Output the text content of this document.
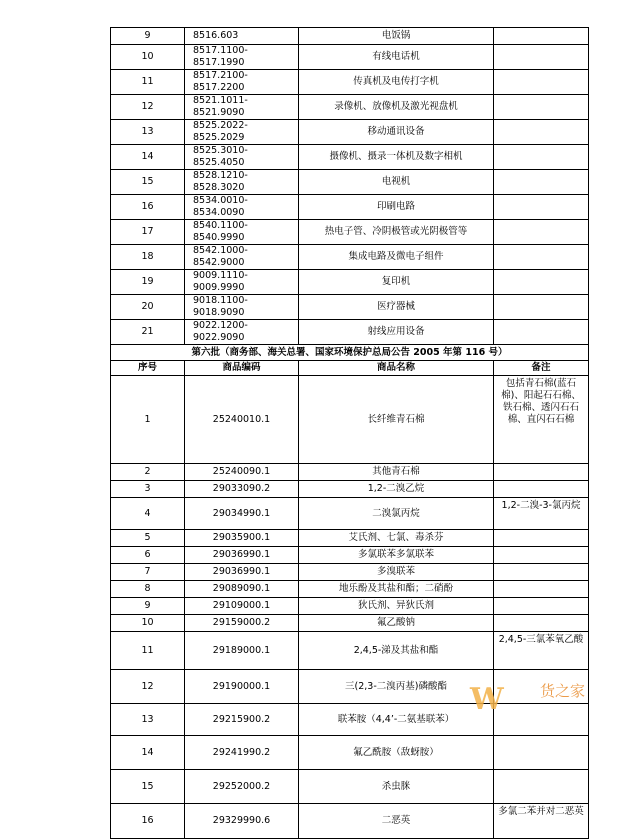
9	8516.603	电饭锅	
10	8517.1100-8517.1990	有线电话机	
11	8517.2100-8517.2200	传真机及电传打字机	
12	8521.1011-8521.9090	录像机、放像机及激光视盘机	
13	8525.2022-8525.2029	移动通讯设备	
14	8525.3010-8525.4050	摄像机、摄录一体机及数字相机	
15	8528.1210-8528.3020	电视机	
16	8534.0010-8534.0090	印刷电路	
17	8540.1100-8540.9990	热电子管、冷阴极管或光阴极管等	
18	8542.1000-8542.9000	集成电路及微电子组件	
19	9009.1110-9009.9990	复印机	
20	9018.1100-9018.9090	医疗器械	
21	9022.1200-9022.9090	射线应用设备	
第六批（商务部、海关总署、国家环境保护总局公告 2005 年第 116 号）			
序号	商品编码	商品名称	备注
1	25240010.1	长纤维青石棉	包括青石棉(蓝石棉)、阳起石石棉、铁石棉、透闪石石棉、直闪石石棉
2	25240090.1	其他青石棉	
3	29033090.2	1,2-二溴乙烷	
4	29034990.1	二溴氯丙烷	1,2-二溴-3-氯丙烷
5	29035900.1	艾氏剂、七氯、毒杀芬	
6	29036990.1	多氯联苯多氯联苯	
7	29036990.1	多溴联苯	
8	29089090.1	地乐酚及其盐和酯；二硝酚	
9	29109000.1	狄氏剂、异狄氏剂	
10	29159000.2	氟乙酸钠	
11	29189000.1	2,4,5-涕及其盐和酯	2,4,5-三氯苯氧乙酸
12	29190000.1	三(2,3-二溴丙基)磷酸酯	
13	29215900.2	联苯胺（4,4’-二氨基联苯）	
14	29241990.2	氟乙酰胺（敌蚜胺）	
15	29252000.2	杀虫脒	
16	29329990.6	二恶英	多氯二苯并对二恶英
W 货之家
